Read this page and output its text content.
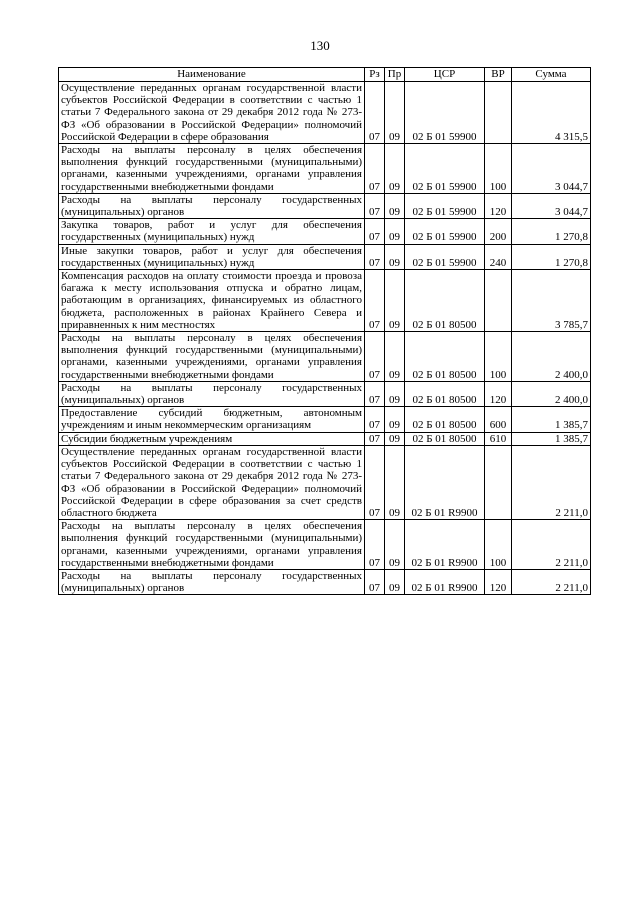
130
Наименование	Рз	Пр	ЦСР	ВР	Сумма
Осуществление переданных органам государственной власти субъектов Российской Федерации в соответствии с частью 1 статьи 7 Федерального закона от 29 декабря 2012 года № 273-ФЗ «Об образовании в Российской Федерации» полномочий Российской Федерации в сфере образования	07	09	02 Б 01 59900		4 315,5
Расходы на выплаты персоналу в целях обеспечения выполнения функций государственными (муниципальными) органами, казенными учреждениями, органами управления государственными внебюджетными фондами	07	09	02 Б 01 59900	100	3 044,7
Расходы на выплаты персоналу государственных (муниципальных) органов	07	09	02 Б 01 59900	120	3 044,7
Закупка товаров, работ и услуг для обеспечения государственных (муниципальных) нужд	07	09	02 Б 01 59900	200	1 270,8
Иные закупки товаров, работ и услуг для обеспечения государственных (муниципальных) нужд	07	09	02 Б 01 59900	240	1 270,8
Компенсация расходов на оплату стоимости проезда и провоза багажа к месту использования отпуска и обратно лицам, работающим в организациях, финансируемых из областного бюджета, расположенных в районах Крайнего Севера и приравненных к ним местностях	07	09	02 Б 01 80500		3 785,7
Расходы на выплаты персоналу в целях обеспечения выполнения функций государственными (муниципальными) органами, казенными учреждениями, органами управления государственными внебюджетными фондами	07	09	02 Б 01 80500	100	2 400,0
Расходы на выплаты персоналу государственных (муниципальных) органов	07	09	02 Б 01 80500	120	2 400,0
Предоставление субсидий бюджетным, автономным учреждениям и иным некоммерческим организациям	07	09	02 Б 01 80500	600	1 385,7
Субсидии бюджетным учреждениям	07	09	02 Б 01 80500	610	1 385,7
Осуществление переданных органам государственной власти субъектов Российской Федерации в соответствии с частью 1 статьи 7 Федерального закона от 29 декабря 2012 года № 273-ФЗ «Об образовании в Российской Федерации» полномочий Российской Федерации в сфере образования за счет средств областного бюджета	07	09	02 Б 01 R9900		2 211,0
Расходы на выплаты персоналу в целях обеспечения выполнения функций государственными (муниципальными) органами, казенными учреждениями, органами управления государственными внебюджетными фондами	07	09	02 Б 01 R9900	100	2 211,0
Расходы на выплаты персоналу государственных (муниципальных) органов	07	09	02 Б 01 R9900	120	2 211,0
